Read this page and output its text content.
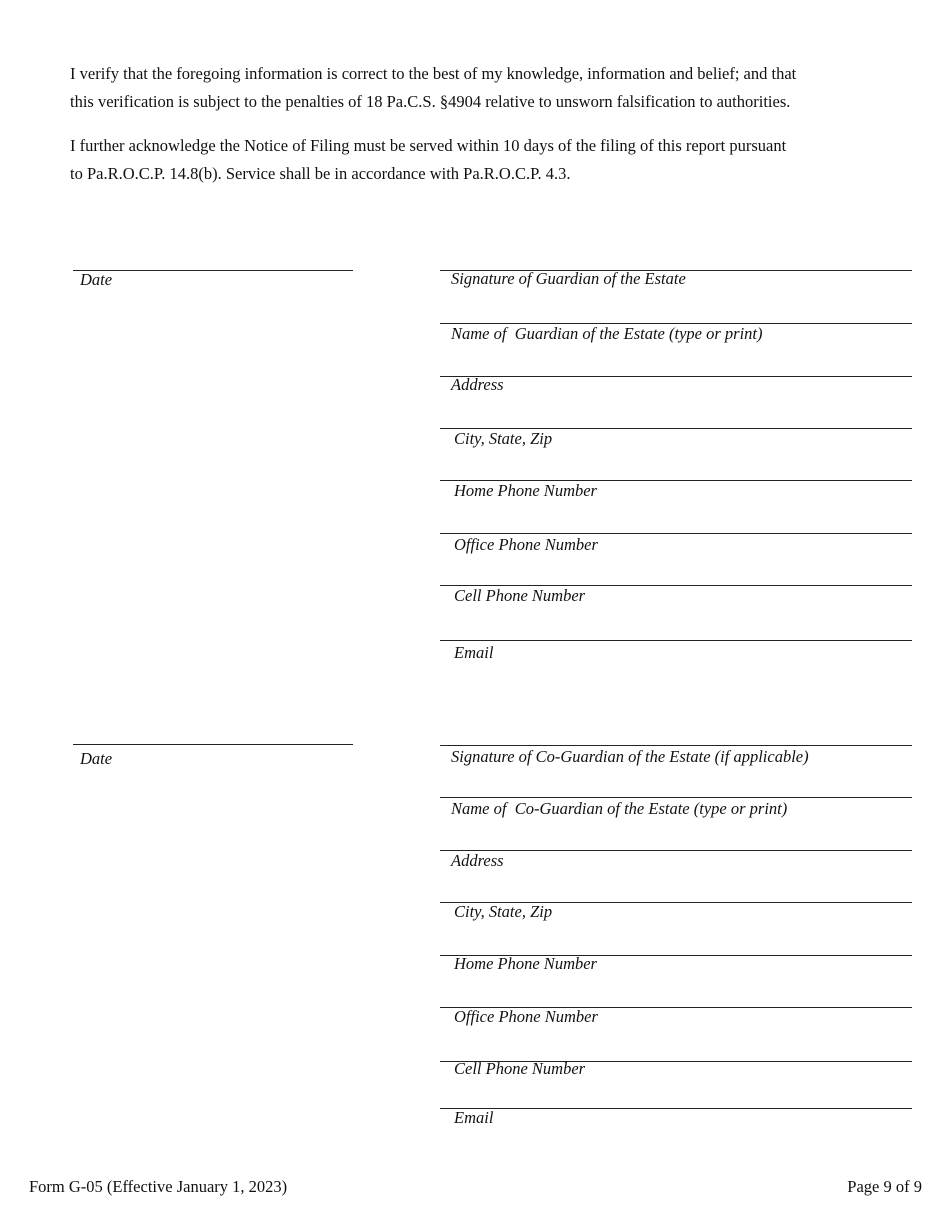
I verify that the foregoing information is correct to the best of my knowledge, information and belief; and that
this verification is subject to the penalties of 18 Pa.C.S. §4904 relative to unsworn falsification to authorities.
I further acknowledge the Notice of Filing must be served within 10 days of the filing of this report pursuant
to Pa.R.O.C.P. 14.8(b). Service shall be in accordance with Pa.R.O.C.P. 4.3.
Date	Signature of Guardian of the Estate
Name of  Guardian of the Estate (type or print)
Address
City, State, Zip
Home Phone Number
Office Phone Number
Cell Phone Number
Email
Date	Signature of Co-Guardian of the Estate (if applicable)
Name of  Co-Guardian of the Estate (type or print)
Address
City, State, Zip
Home Phone Number
Office Phone Number
Cell Phone Number
Email
Form G-05 (Effective January 1, 2023)	Page 9 of 9
